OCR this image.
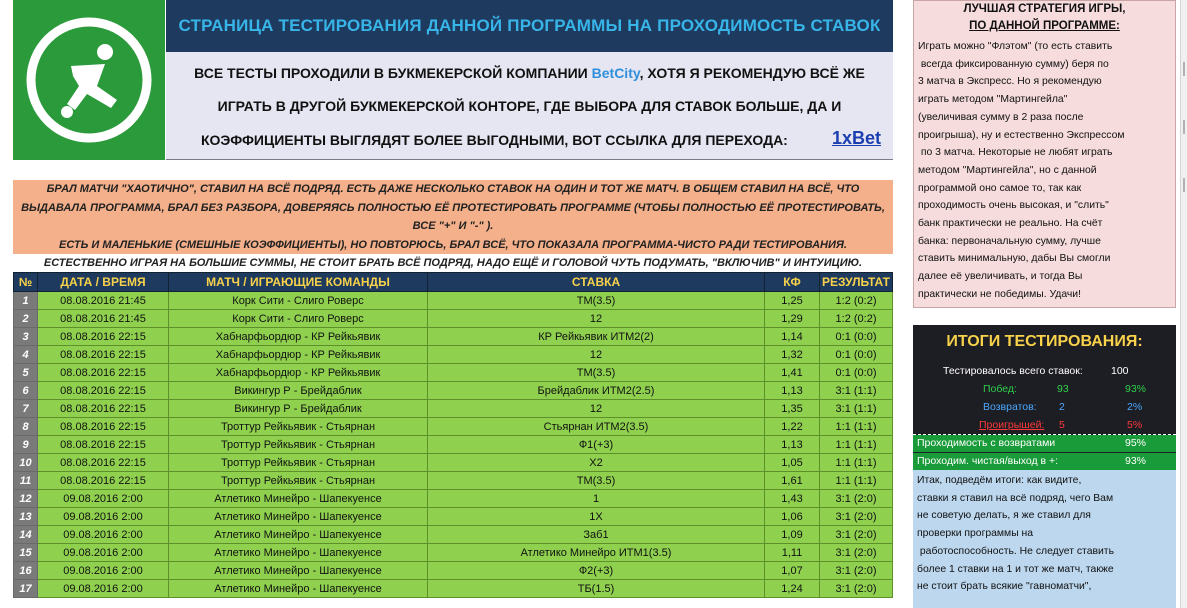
СТРАНИЦА ТЕСТИРОВАНИЯ ДАННОЙ ПРОГРАММЫ НА ПРОХОДИМОСТЬ СТАВОК
ВСЕ ТЕСТЫ ПРОХОДИЛИ В БУКМЕКЕРСКОЙ КОМПАНИИ BetCity, ХОТЯ Я РЕКОМЕНДУЮ ВСЁ ЖЕ
ИГРАТЬ В ДРУГОЙ БУКМЕКЕРСКОЙ КОНТОРЕ, ГДЕ ВЫБОРА ДЛЯ СТАВОК БОЛЬШЕ, ДА И
КОЭФФИЦИЕНТЫ ВЫГЛЯДЯТ БОЛЕЕ ВЫГОДНЫМИ, ВОТ ССЫЛКА ДЛЯ ПЕРЕХОДА:	1xBet
БРАЛ МАТЧИ "ХАОТИЧНО", СТАВИЛ НА ВСЁ ПОДРЯД. ЕСТЬ ДАЖЕ НЕСКОЛЬКО СТАВОК НА ОДИН И ТОТ ЖЕ МАТЧ. В ОБЩЕМ СТАВИЛ НА ВСЁ, ЧТО
ВЫДАВАЛА ПРОГРАММА, БРАЛ БЕЗ РАЗБОРА, ДОВЕРЯЯСЬ ПОЛНОСТЬЮ ЕЁ ПРОТЕСТИРОВАТЬ ПРОГРАММЕ (ЧТОБЫ ПОЛНОСТЬЮ ЕЁ ПРОТЕСТИРОВАТЬ, ВСЕ "+" И "-" ).
ЕСТЬ И МАЛЕНЬКИЕ (СМЕШНЫЕ КОЭФФИЦИЕНТЫ), НО ПОВТОРЮСЬ, БРАЛ ВСЁ, ЧТО ПОКАЗАЛА ПРОГРАММА-ЧИСТО РАДИ ТЕСТИРОВАНИЯ.
ЕСТЕСТВЕННО ИГРАЯ НА БОЛЬШИЕ СУММЫ, НЕ СТОИТ БРАТЬ ВСЁ ПОДРЯД, НАДО ЕЩЁ И ГОЛОВОЙ ЧУТЬ ПОДУМАТЬ, "ВКЛЮЧИВ" И ИНТУИЦИЮ.
№	ДАТА / ВРЕМЯ	МАТЧ / ИГРАЮЩИЕ КОМАНДЫ	СТАВКА	КФ	РЕЗУЛЬТАТ
1	08.08.2016 21:45	Корк Сити - Слиго Роверс	ТМ(3.5)	1,25	1:2 (0:2)
2	08.08.2016 21:45	Корк Сити - Слиго Роверс	12	1,29	1:2 (0:2)
3	08.08.2016 22:15	Хабнарфьордюр - КР Рейкьявик	КР Рейкьявик ИТМ2(2)	1,14	0:1 (0:0)
4	08.08.2016 22:15	Хабнарфьордюр - КР Рейкьявик	12	1,32	0:1 (0:0)
5	08.08.2016 22:15	Хабнарфьордюр - КР Рейкьявик	ТМ(3.5)	1,41	0:1 (0:0)
6	08.08.2016 22:15	Викингур Р - Брейдаблик	Брейдаблик ИТМ2(2.5)	1,13	3:1 (1:1)
7	08.08.2016 22:15	Викингур Р - Брейдаблик	12	1,35	3:1 (1:1)
8	08.08.2016 22:15	Троттур Рейкьявик - Стьярнан	Стьярнан ИТМ2(3.5)	1,22	1:1 (1:1)
9	08.08.2016 22:15	Троттур Рейкьявик - Стьярнан	Ф1(+3)	1,13	1:1 (1:1)
10	08.08.2016 22:15	Троттур Рейкьявик - Стьярнан	Х2	1,05	1:1 (1:1)
11	08.08.2016 22:15	Троттур Рейкьявик - Стьярнан	ТМ(3.5)	1,61	1:1 (1:1)
12	09.08.2016 2:00	Атлетико Минейро - Шапекуенсе	1	1,43	3:1 (2:0)
13	09.08.2016 2:00	Атлетико Минейро - Шапекуенсе	1Х	1,06	3:1 (2:0)
14	09.08.2016 2:00	Атлетико Минейро - Шапекуенсе	Заб1	1,09	3:1 (2:0)
15	09.08.2016 2:00	Атлетико Минейро - Шапекуенсе	Атлетико Минейро ИТМ1(3.5)	1,11	3:1 (2:0)
16	09.08.2016 2:00	Атлетико Минейро - Шапекуенсе	Ф2(+3)	1,07	3:1 (2:0)
17	09.08.2016 2:00	Атлетико Минейро - Шапекуенсе	ТБ(1.5)	1,24	3:1 (2:0)
ЛУЧШАЯ СТРАТЕГИЯ ИГРЫ,
ПО ДАННОЙ ПРОГРАММЕ:
Играть можно "Флэтом" (то есть ставить
всегда фиксированную сумму) беря по
3 матча в Экспресс. Но я рекомендую
играть методом "Мартингейла"
(увеличивая сумму в 2 раза после
проигрыша), ну и естественно Экспрессом
по 3 матча. Некоторые не любят играть
методом "Мартингейла", но с данной
программой оно самое то, так как
проходимость очень высокая, и "слить"
банк практически не реально. На счёт
банка: первоначальную сумму, лучше
ставить минимальную, дабы Вы смогли
далее её увеличивать, и тогда Вы
практически не победимы. Удачи!
ИТОГИ ТЕСТИРОВАНИЯ:
Тестировалось всего ставок:	100
Побед:	93	93%
Возвратов: 2	2%
Проигрышей: 5	5%
Проходимость с возвратами	95%
Проходим. чистая/выход в +:	93%
Итак, подведём итоги: как видите,
ставки я ставил на всё подряд, чего Вам
не советую делать, я же ставил для
проверки программы на
работоспособность. Не следует ставить
более 1 ставки на 1 и тот же матч, также
не стоит брать всякие "гавноматчи",
